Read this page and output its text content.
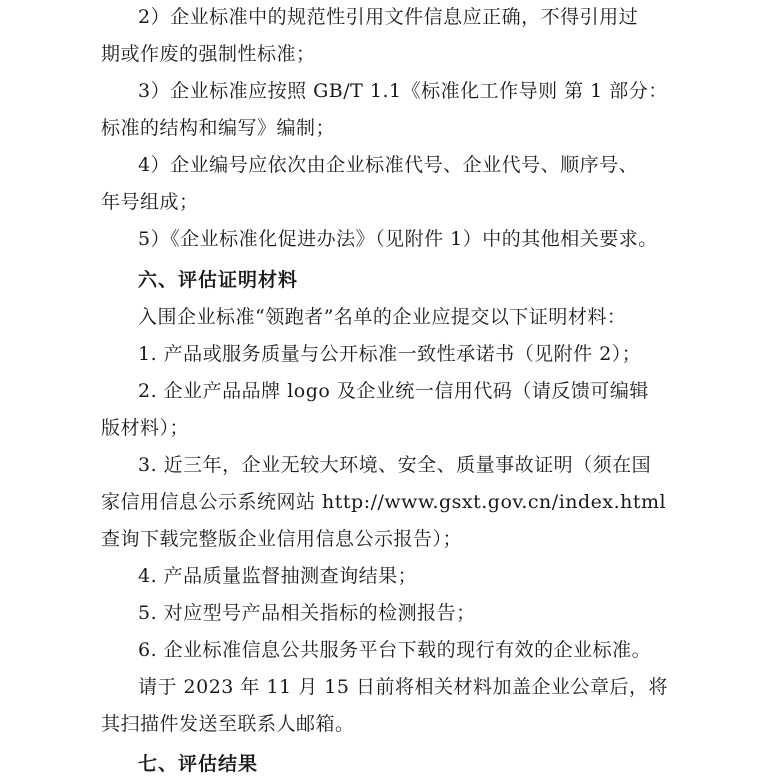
2）企业标准中的规范性引用文件信息应正确，不得引用过
期或作废的强制性标准；
3）企业标准应按照 GB/T 1.1《标准化工作导则 第 1 部分：
标准的结构和编写》编制；
4）企业编号应依次由企业标准代号、企业代号、顺序号、
年号组成；
5）《企业标准化促进办法》（见附件 1）中的其他相关要求。
六、评估证明材料
入围企业标准“领跑者”名单的企业应提交以下证明材料：
1. 产品或服务质量与公开标准一致性承诺书（见附件 2）；
2. 企业产品品牌 logo 及企业统一信用代码（请反馈可编辑
版材料）；
3. 近三年，企业无较大环境、安全、质量事故证明（须在国
家信用信息公示系统网站 http://www.gsxt.gov.cn/index.html
查询下载完整版企业信用信息公示报告）；
4. 产品质量监督抽测查询结果；
5. 对应型号产品相关指标的检测报告；
6. 企业标准信息公共服务平台下载的现行有效的企业标准。
请于 2023 年 11 月 15 日前将相关材料加盖企业公章后，将
其扫描件发送至联系人邮箱。
七、评估结果
